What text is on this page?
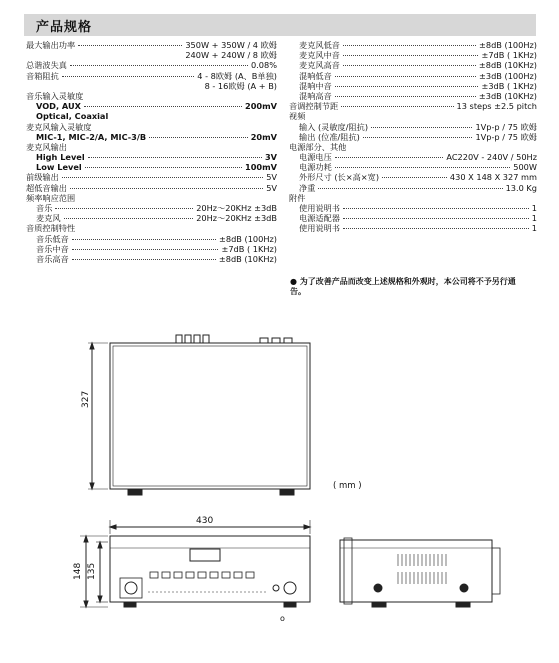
产品规格
最大输出功率	350W + 350W / 4 欧姆
240W + 240W / 8 欧姆
总谐波失真	0.08%
音箱阻抗	4 - 8欧姆 (A、B单独)
8 - 16欧姆 (A + B)
音乐输入灵敏度
VOD, AUX	200mV
Optical, Coaxial
麦克风输入灵敏度
MIC-1, MIC-2/A, MIC-3/B	20mV
麦克风输出
High Level	3V
Low Level	100mV
前级输出	5V
超低音输出	5V
频率响应范围
音乐	20Hz～20KHz ±3dB
麦克风	20Hz～20KHz ±3dB
音质控制特性
音乐低音	±8dB (100Hz)
音乐中音	±7dB ( 1KHz)
音乐高音	±8dB (10KHz)
麦克风低音	±8dB (100Hz)
麦克风中音	±7dB ( 1KHz)
麦克风高音	±8dB (10KHz)
混响低音	±3dB (100Hz)
混响中音	±3dB ( 1KHz)
混响高音	±3dB (10KHz)
音调控制节距	13 steps ±2.5 pitch
视频
输入 (灵敏度/阻抗)	1Vp-p / 75 欧姆
输出 (位准/阻抗)	1Vp-p / 75 欧姆
电源部分、其他
电源电压	AC220V - 240V / 50Hz
电源功耗	500W
外形尺寸 (长×高×宽)	430 X 148 X 327 mm
净重	13.0 Kg
附件
使用说明书	1
电源适配器	1
使用说明书	1
● 为了改善产品而改变上述规格和外观时，本公司将不予另行通告。
( mm )
327
430
148 135
o
